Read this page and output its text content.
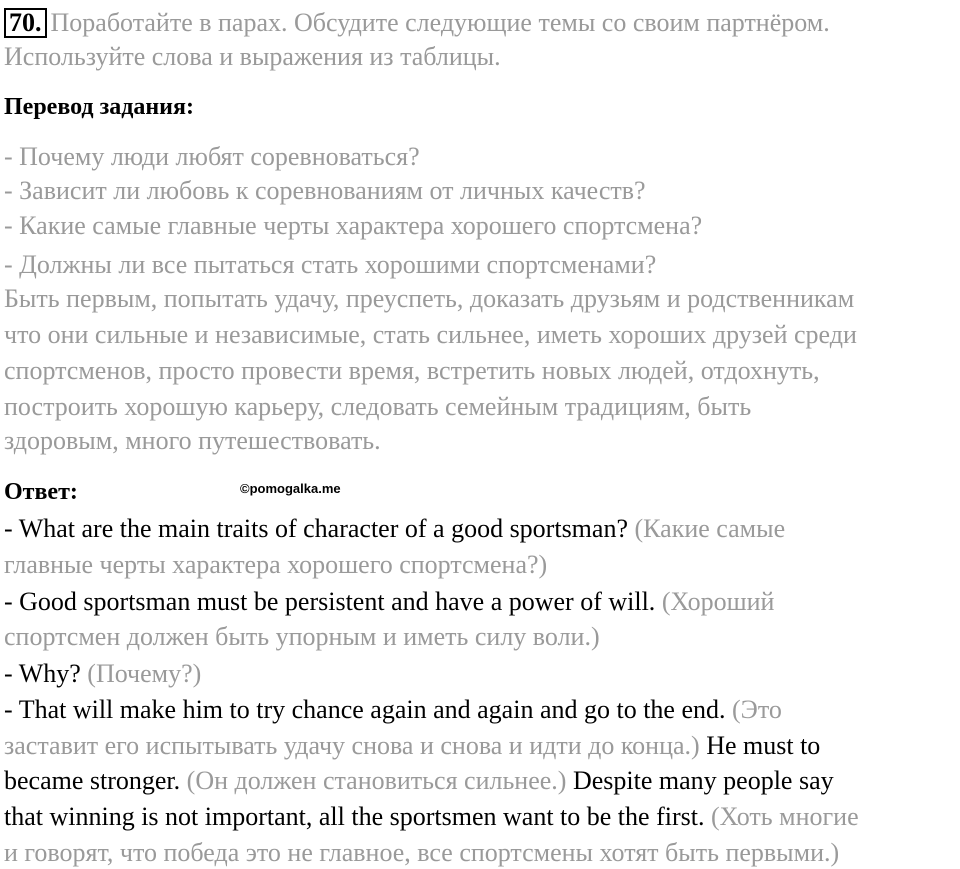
70. Поработайте в парах. Обсудите следующие темы со своим партнёром.
Используйте слова и выражения из таблицы.
Перевод задания:
- Почему люди любят соревноваться?
- Зависит ли любовь к соревнованиям от личных качеств?
- Какие самые главные черты характера хорошего спортсмена?
- Должны ли все пытаться стать хорошими спортсменами?
Быть первым, попытать удачу, преуспеть, доказать друзьям и родственникам
что они сильные и независимые, стать сильнее, иметь хороших друзей среди
спортсменов, просто провести время, встретить новых людей, отдохнуть,
построить хорошую карьеру, следовать семейным традициям, быть
здоровым, много путешествовать.
Ответ:	©pomogalka.me
- What are the main traits of character of a good sportsman? (Какие самые
главные черты характера хорошего спортсмена?)
- Good sportsman must be persistent and have a power of will. (Хороший
спортсмен должен быть упорным и иметь силу воли.)
- Why? (Почему?)
- That will make him to try chance again and again and go to the end. (Это
заставит его испытывать удачу снова и снова и идти до конца.) He must to
became stronger. (Он должен становиться сильнее.) Despite many people say
that winning is not important, all the sportsmen want to be the first. (Хоть многие
и говорят, что победа это не главное, все спортсмены хотят быть первыми.)
